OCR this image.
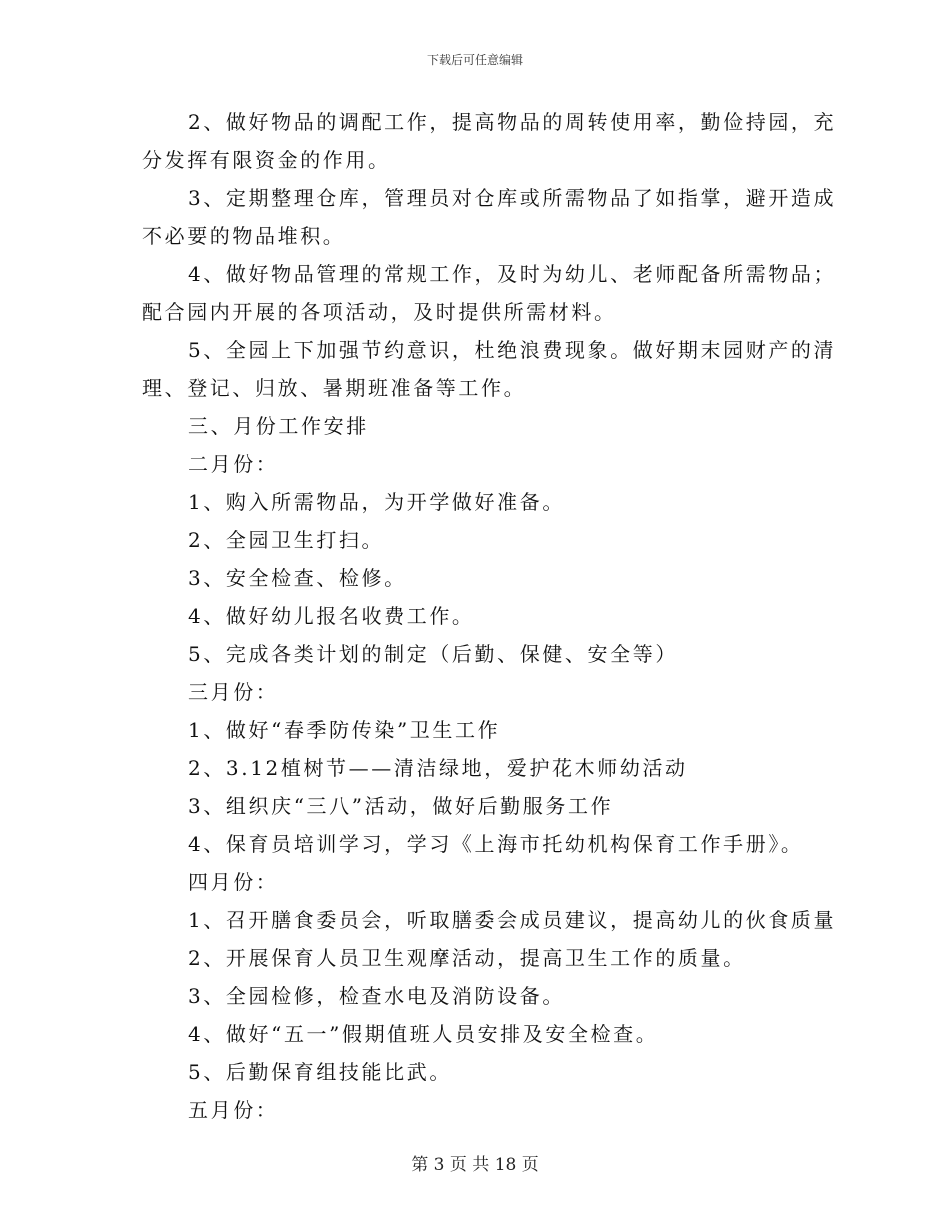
下载后可任意编辑
2、做好物品的调配工作，提高物品的周转使用率，勤俭持园，充
分发挥有限资金的作用。
3、定期整理仓库，管理员对仓库或所需物品了如指掌，避开造成
不必要的物品堆积。
4、做好物品管理的常规工作，及时为幼儿、老师配备所需物品；
配合园内开展的各项活动，及时提供所需材料。
5、全园上下加强节约意识，杜绝浪费现象。做好期末园财产的清
理、登记、归放、暑期班准备等工作。
三、月份工作安排
二月份：
1、购入所需物品，为开学做好准备。
2、全园卫生打扫。
3、安全检查、检修。
4、做好幼儿报名收费工作。
5、完成各类计划的制定（后勤、保健、安全等）
三月份：
1、做好“春季防传染”卫生工作
2、3.12植树节——清洁绿地，爱护花木师幼活动
3、组织庆“三八”活动，做好后勤服务工作
4、保育员培训学习，学习《上海市托幼机构保育工作手册》。
四月份：
1、召开膳食委员会，听取膳委会成员建议，提高幼儿的伙食质量
2、开展保育人员卫生观摩活动，提高卫生工作的质量。
3、全园检修，检查水电及消防设备。
4、做好“五一”假期值班人员安排及安全检查。
5、后勤保育组技能比武。
五月份：
第 3 页 共 18 页
